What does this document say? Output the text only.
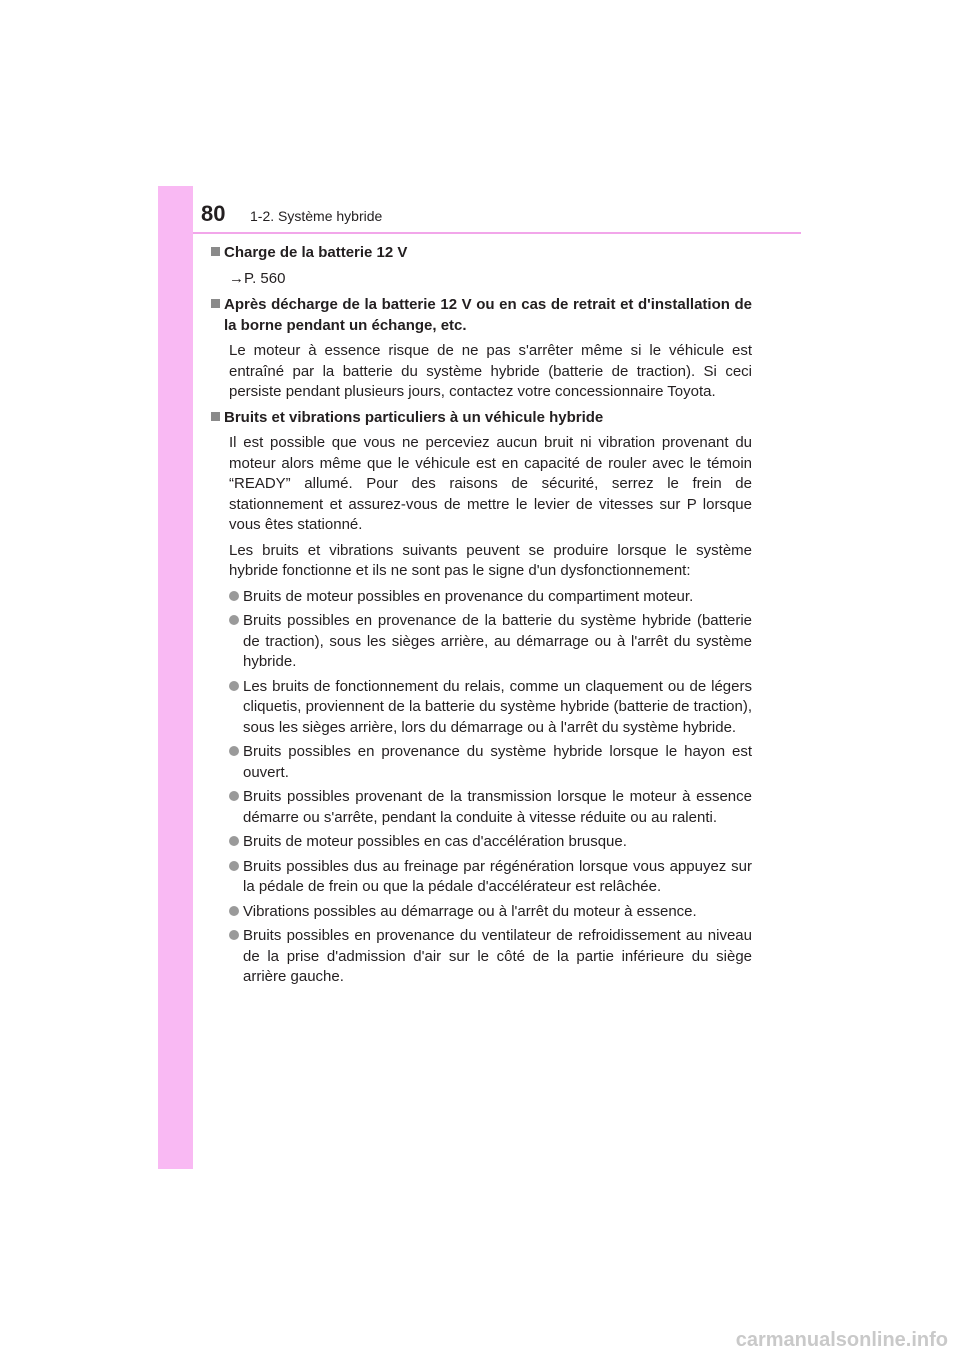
80 1-2. Système hybride
Charge de la batterie 12 V
→P. 560
Après décharge de la batterie 12 V ou en cas de retrait et d'installation de la borne pendant un échange, etc.
Le moteur à essence risque de ne pas s'arrêter même si le véhicule est entraîné par la batterie du système hybride (batterie de traction). Si ceci persiste pendant plusieurs jours, contactez votre concessionnaire Toyota.
Bruits et vibrations particuliers à un véhicule hybride
Il est possible que vous ne perceviez aucun bruit ni vibration provenant du moteur alors même que le véhicule est en capacité de rouler avec le témoin “READY” allumé. Pour des raisons de sécurité, serrez le frein de stationnement et assurez-vous de mettre le levier de vitesses sur P lorsque vous êtes stationné.
Les bruits et vibrations suivants peuvent se produire lorsque le système hybride fonctionne et ils ne sont pas le signe d'un dysfonctionnement:
Bruits de moteur possibles en provenance du compartiment moteur.
Bruits possibles en provenance de la batterie du système hybride (batterie de traction), sous les sièges arrière, au démarrage ou à l'arrêt du système hybride.
Les bruits de fonctionnement du relais, comme un claquement ou de légers cliquetis, proviennent de la batterie du système hybride (batterie de traction), sous les sièges arrière, lors du démarrage ou à l'arrêt du système hybride.
Bruits possibles en provenance du système hybride lorsque le hayon est ouvert.
Bruits possibles provenant de la transmission lorsque le moteur à essence démarre ou s'arrête, pendant la conduite à vitesse réduite ou au ralenti.
Bruits de moteur possibles en cas d'accélération brusque.
Bruits possibles dus au freinage par régénération lorsque vous appuyez sur la pédale de frein ou que la pédale d'accélérateur est relâchée.
Vibrations possibles au démarrage ou à l'arrêt du moteur à essence.
Bruits possibles en provenance du ventilateur de refroidissement au niveau de la prise d'admission d'air sur le côté de la partie inférieure du siège arrière gauche.
carmanualsonline.info
